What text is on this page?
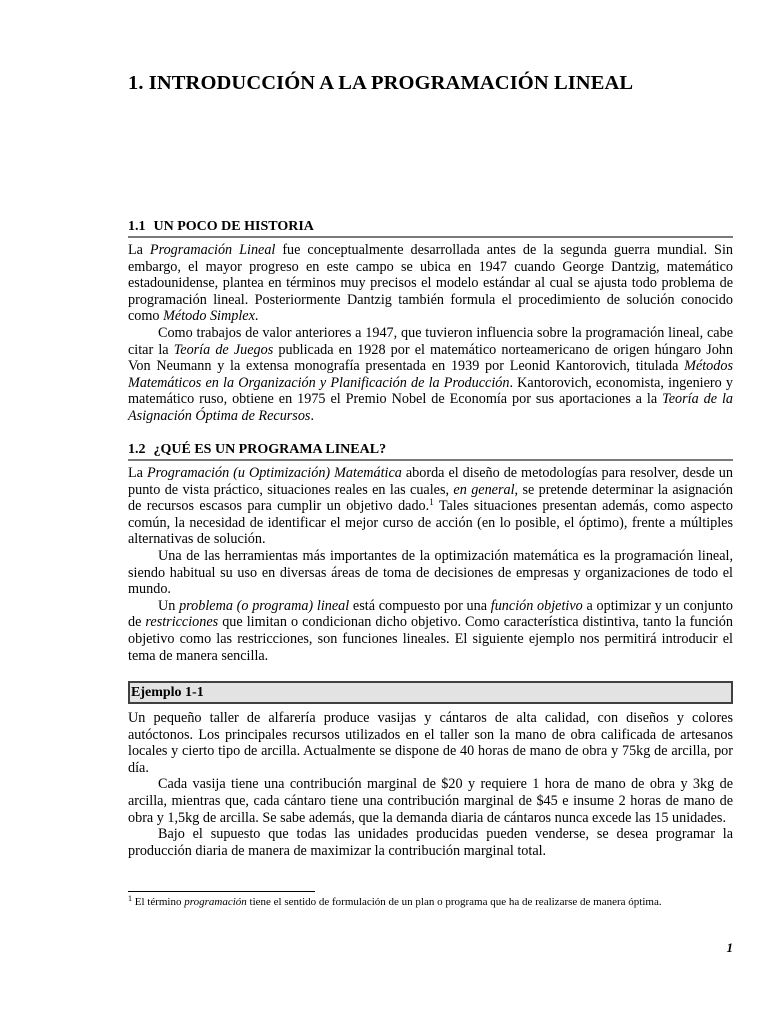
1. INTRODUCCIÓN A LA PROGRAMACIÓN LINEAL
1.1 UN POCO DE HISTORIA

La Programación Lineal fue conceptualmente desarrollada antes de la segunda guerra mundial. Sin embargo, el mayor progreso en este campo se ubica en 1947 cuando George Dantzig, matemático estadounidense, plantea en términos muy precisos el modelo estándar al cual se ajusta todo problema de programación lineal. Posteriormente Dantzig también formula el procedimiento de solución conocido como Método Simplex.

Como trabajos de valor anteriores a 1947, que tuvieron influencia sobre la programación lineal, cabe citar la Teoría de Juegos publicada en 1928 por el matemático norteamericano de origen húngaro John Von Neumann y la extensa monografía presentada en 1939 por Leonid Kantorovich, titulada Métodos Matemáticos en la Organización y Planificación de la Producción. Kantorovich, economista, ingeniero y matemático ruso, obtiene en 1975 el Premio Nobel de Economía por sus aportaciones a la Teoría de la Asignación Óptima de Recursos.

1.2 ¿QUÉ ES UN PROGRAMA LINEAL?

La Programación (u Optimización) Matemática aborda el diseño de metodologías para resolver, desde un punto de vista práctico, situaciones reales en las cuales, en general, se pretende determinar la asignación de recursos escasos para cumplir un objetivo dado.$^1$ Tales situaciones presentan además, como aspecto común, la necesidad de identificar el mejor curso de acción (en lo posible, el óptimo), frente a múltiples alternativas de solución.

Una de las herramientas más importantes de la optimización matemática es la programación lineal, siendo habitual su uso en diversas áreas de toma de decisiones de empresas y organizaciones de todo el mundo.

Un problema (o programa) lineal está compuesto por una función objetivo a optimizar y un conjunto de restricciones que limitan o condicionan dicho objetivo. Como característica distintiva, tanto la función objetivo como las restricciones, son funciones lineales. El siguiente ejemplo nos permitirá introducir el tema de manera sencilla.

Ejemplo 1-1

Un pequeño taller de alfarería produce vasijas y cántaros de alta calidad, con diseños y colores autóctonos. Los principales recursos utilizados en el taller son la mano de obra calificada de artesanos locales y cierto tipo de arcilla. Actualmente se dispone de 40 horas de mano de obra y 75kg de arcilla, por día.

Cada vasija tiene una contribución marginal de $20 y requiere 1 hora de mano de obra y 3kg de arcilla, mientras que, cada cántaro tiene una contribución marginal de $45 e insume 2 horas de mano de obra y 1,5kg de arcilla. Se sabe además, que la demanda diaria de cántaros nunca excede las 15 unidades.

Bajo el supuesto que todas las unidades producidas pueden venderse, se desea programar la producción diaria de manera de maximizar la contribución marginal total.

$^1$ El término programación tiene el sentido de formulación de un plan o programa que ha de realizarse de manera óptima.

1
